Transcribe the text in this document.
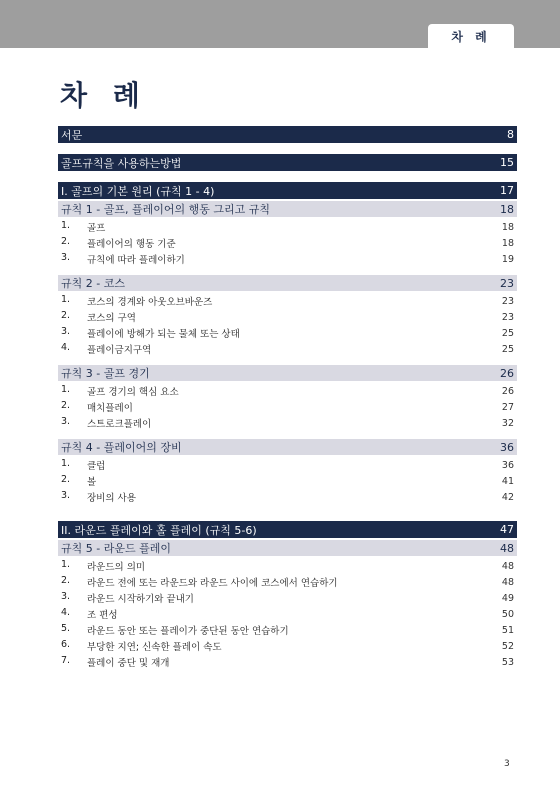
차 례
차 례
서문	8
골프규칙을 사용하는방법	15
I. 골프의 기본 원리 (규칙 1 - 4)	17
규칙 1 - 골프, 플레이어의 행동 그리고 규칙	18
1.	골프	18
2.	플레이어의 행동 기준	18
3.	규칙에 따라 플레이하기	19
규칙 2 - 코스	23
1.	코스의 경계와 아웃오브바운즈	23
2.	코스의 구역	23
3.	플레이에 방해가 되는 물체 또는 상태	25
4.	플레이금지구역	25
규칙 3 - 골프 경기	26
1.	골프 경기의 핵심 요소	26
2.	매치플레이	27
3.	스트로크플레이	32
규칙 4 - 플레이어의 장비	36
1.	클럽	36
2.	볼	41
3.	장비의 사용	42
II. 라운드 플레이와 홀 플레이 (규칙 5-6)	47
규칙 5 - 라운드 플레이	48
1.	라운드의 의미	48
2.	라운드 전에 또는 라운드와 라운드 사이에 코스에서 연습하기	48
3.	라운드 시작하기와 끝내기	49
4.	조 편성	50
5.	라운드 동안 또는 플레이가 중단된 동안 연습하기	51
6.	부당한 지연; 신속한 플레이 속도	52
7.	플레이 중단 및 재개	53
3
